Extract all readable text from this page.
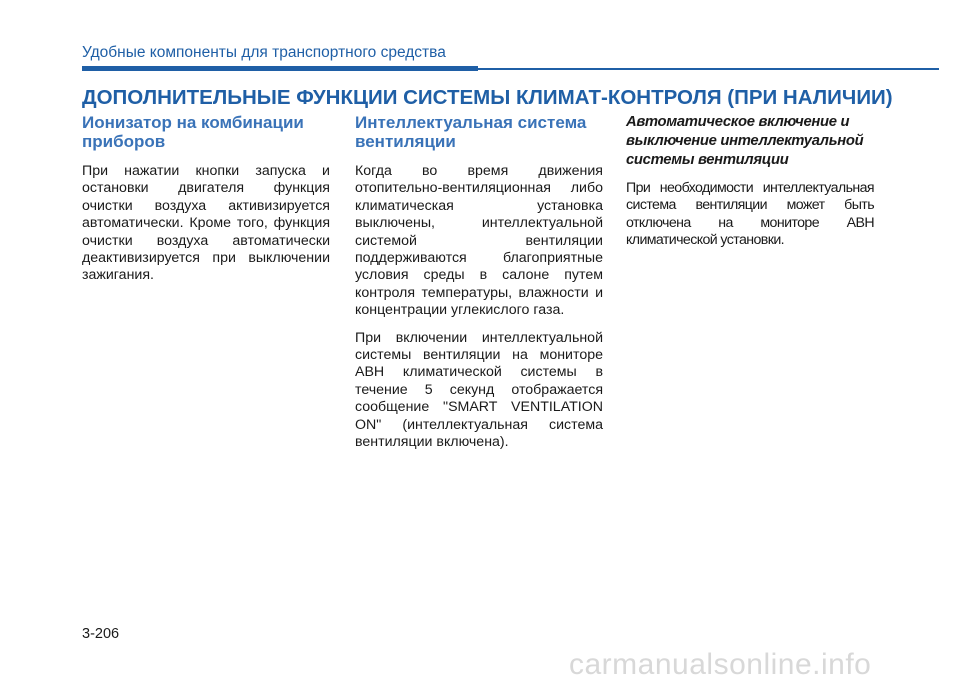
Удобные компоненты для транспортного средства
ДОПОЛНИТЕЛЬНЫЕ ФУНКЦИИ СИСТЕМЫ КЛИМАТ-КОНТРОЛЯ (ПРИ НАЛИЧИИ)
Ионизатор на комбинации приборов

При нажатии кнопки запуска и остановки двигателя функция очистки воздуха активизируется автоматически. Кроме того, функция очистки воздуха автоматически деактивизируется при выключении зажигания.

Интеллектуальная система вентиляции

Когда во время движения отопительно-вентиляционная либо климатическая установка выключены, интеллектуальной системой вентиляции поддерживаются благоприятные условия среды в салоне путем контроля температуры, влажности и концентрации углекислого газа.

При включении интеллектуальной системы вентиляции на мониторе АВН климатической системы в течение 5 секунд отображается сообщение "SMART VENTILATION ON" (интеллектуальная система вентиляции включена).

Автоматическое включение и выключение интеллектуальной системы вентиляции

При необходимости интеллектуальная система вентиляции может быть отключена на мониторе АВН климатической установки.

3-206
carmanualsonline.info
